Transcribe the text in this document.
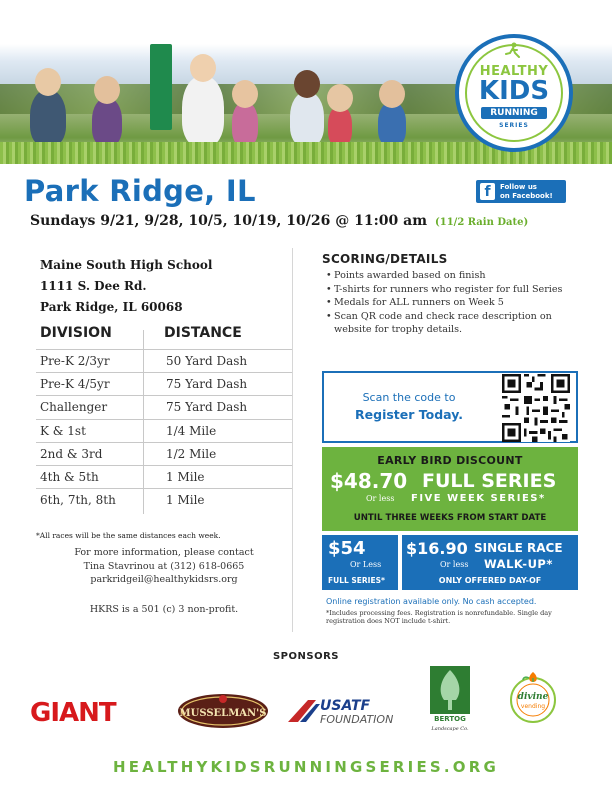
HEALTHY
KIDS
RUNNING
SERIES
Park Ridge, IL	f	Follow us
on Facebook!
Sundays 9/21, 9/28, 10/5, 10/19, 10/26 @ 11:00 am (11/2 Rain Date)
Maine South High School
1111 S. Dee Rd.
Park Ridge, IL 60068
DIVISION	DISTANCE
Pre-K 2/3yr	50 Yard Dash
Pre-K 4/5yr	75 Yard Dash
Challenger	75 Yard Dash
K & 1st	1/4 Mile
2nd & 3rd	1/2 Mile
4th & 5th	1 Mile
6th, 7th, 8th	1 Mile
*All races will be the same distances each week.
For more information, please contact
Tina Stavrinou at (312) 618-0665
parkridgeil@healthykidsrs.org
HKRS is a 501 (c) 3 non-profit.
SCORING/DETAILS
• Points awarded based on finish
• T-shirts for runners who register for full Series
• Medals for ALL runners on Week 5
• Scan QR code and check race description on website for trophy details.
Scan the code to
Register Today.
EARLY BIRD DISCOUNT
$48.70 FULL SERIES
Or less FIVE WEEK SERIES*
UNTIL THREE WEEKS FROM START DATE
$54
Or Less
FULL SERIES*
$16.90 SINGLE RACE
Or less WALK-UP*
ONLY OFFERED DAY-OF
Online registration available only. No cash accepted.
*Includes processing fees. Registration is nonrefundable. Single day registration does NOT include t-shirt.
SPONSORS
GIANT	MUSSELMAN'S	USATF
FOUNDATION	BERTOG
Landscape Co.
divine
vending
HEALTHYKIDSRUNNINGSERIES.ORG
